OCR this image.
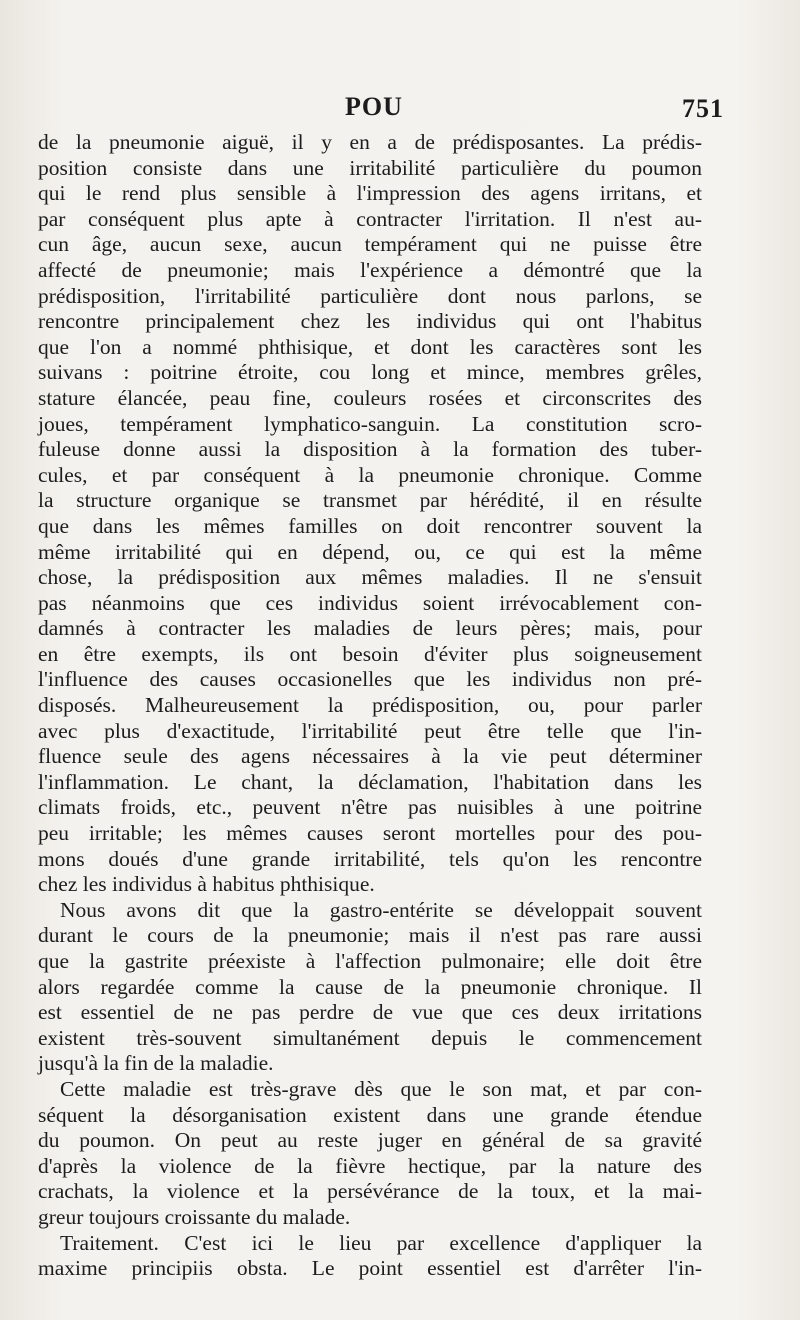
POU	751
de la pneumonie aiguë, il y en a de prédisposantes. La prédis-
position consiste dans une irritabilité particulière du poumon
qui le rend plus sensible à l'impression des agens irritans, et
par conséquent plus apte à contracter l'irritation. Il n'est au-
cun âge, aucun sexe, aucun tempérament qui ne puisse être
affecté de pneumonie; mais l'expérience a démontré que la
prédisposition, l'irritabilité particulière dont nous parlons, se
rencontre principalement chez les individus qui ont l'habitus
que l'on a nommé phthisique, et dont les caractères sont les
suivans : poitrine étroite, cou long et mince, membres grêles,
stature élancée, peau fine, couleurs rosées et circonscrites des
joues, tempérament lymphatico-sanguin. La constitution scro-
fuleuse donne aussi la disposition à la formation des tuber-
cules, et par conséquent à la pneumonie chronique. Comme
la structure organique se transmet par hérédité, il en résulte
que dans les mêmes familles on doit rencontrer souvent la
même irritabilité qui en dépend, ou, ce qui est la même
chose, la prédisposition aux mêmes maladies. Il ne s'ensuit
pas néanmoins que ces individus soient irrévocablement con-
damnés à contracter les maladies de leurs pères; mais, pour
en être exempts, ils ont besoin d'éviter plus soigneusement
l'influence des causes occasionelles que les individus non pré-
disposés. Malheureusement la prédisposition, ou, pour parler
avec plus d'exactitude, l'irritabilité peut être telle que l'in-
fluence seule des agens nécessaires à la vie peut déterminer
l'inflammation. Le chant, la déclamation, l'habitation dans les
climats froids, etc., peuvent n'être pas nuisibles à une poitrine
peu irritable; les mêmes causes seront mortelles pour des pou-
mons doués d'une grande irritabilité, tels qu'on les rencontre
chez les individus à habitus phthisique.
Nous avons dit que la gastro-entérite se développait souvent
durant le cours de la pneumonie; mais il n'est pas rare aussi
que la gastrite préexiste à l'affection pulmonaire; elle doit être
alors regardée comme la cause de la pneumonie chronique. Il
est essentiel de ne pas perdre de vue que ces deux irritations
existent très-souvent simultanément depuis le commencement
jusqu'à la fin de la maladie.
Cette maladie est très-grave dès que le son mat, et par con-
séquent la désorganisation existent dans une grande étendue
du poumon. On peut au reste juger en général de sa gravité
d'après la violence de la fièvre hectique, par la nature des
crachats, la violence et la persévérance de la toux, et la mai-
greur toujours croissante du malade.
Traitement. C'est ici le lieu par excellence d'appliquer la
maxime principiis obsta. Le point essentiel est d'arrêter l'in-
